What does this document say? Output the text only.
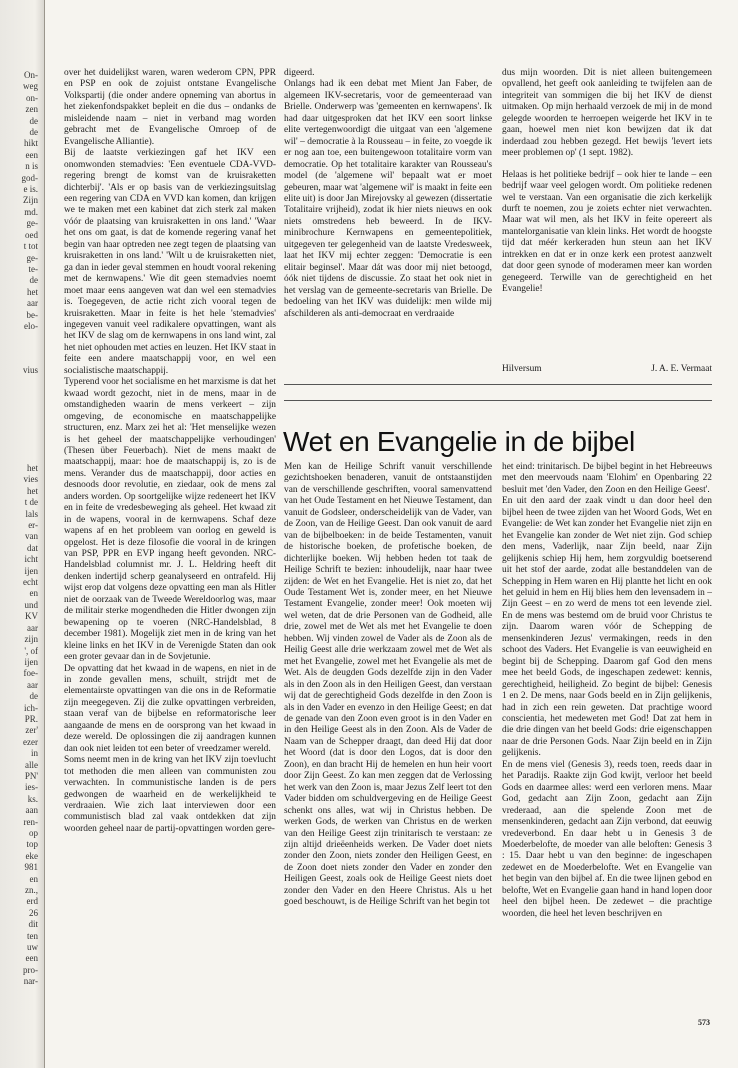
On-
weg
on-
zen
de
de
hikt
een
n is
god-
e is.
Zijn
md.
ge-
oed
t tot
ge-
te-
de
het
aar
be-
elo-
vius
het
vies
het
t de
lals
er-
van
dat
icht
ijen
echt
en
und
KV
aar
zijn
', of
ijen
foe-
aar
de
ich-
PR.
zer'
ezer
in
alle
PN'
ies-
ks.
aan
ren-
op
top
eke
981
en
zn.,
erd
26
dit
ten
uw
een
pro-
nar-

over het duidelijkst waren, waren wederom CPN, PPR en PSP en ook de zojuist ontstane Evangelische Volkspartij (die onder andere opneming van abortus in het ziekenfondspakket bepleit en die dus – ondanks de misleidende naam – niet in verband mag worden gebracht met de Evangelische Omroep of de Evangelische Alliantie).

Bij de laatste verkiezingen gaf het IKV een onomwonden stemadvies: 'Een eventuele CDA-VVD-regering brengt de komst van de kruisraketten dichterbij'. 'Als er op basis van de verkiezingsuitslag een regering van CDA en VVD kan komen, dan krijgen we te maken met een kabinet dat zich sterk zal maken vóór de plaatsing van kruisraketten in ons land.' 'Waar het ons om gaat, is dat de komende regering vanaf het begin van haar optreden nee zegt tegen de plaatsing van kruisraketten in ons land.' 'Wilt u de kruisraketten niet, ga dan in ieder geval stemmen en houdt vooral rekening met de kernwapens.' Wie dit geen stemadvies noemt moet maar eens aangeven wat dan wel een stemadvies is. Toegegeven, de actie richt zich vooral tegen de kruisraketten. Maar in feite is het hele 'stemadvies' ingegeven vanuit veel radikalere opvattingen, want als het IKV de slag om de kernwapens in ons land wint, zal het niet ophouden met acties en leuzen. Het IKV staat in feite een andere maatschappij voor, en wel een socialistische maatschappij.

Typerend voor het socialisme en het marxisme is dat het kwaad wordt gezocht, niet in de mens, maar in de omstandigheden waarin de mens verkeert – zijn omgeving, de economische en maatschappelijke structuren, enz. Marx zei het al: 'Het menselijke wezen is het geheel der maatschappelijke verhoudingen' (Thesen über Feuerbach). Niet de mens maakt de maatschappij, maar: hoe de maatschappij is, zo is de mens. Verander dus de maatschappij, door acties en desnoods door revolutie, en ziedaar, ook de mens zal anders worden. Op soortgelijke wijze redeneert het IKV en in feite de vredesbeweging als geheel. Het kwaad zit in de wapens, vooral in de kernwapens. Schaf deze wapens af en het probleem van oorlog en geweld is opgelost. Het is deze filosofie die vooral in de kringen van PSP, PPR en EVP ingang heeft gevonden. NRC-Handelsblad columnist mr. J. L. Heldring heeft dit denken indertijd scherp geanalyseerd en ontrafeld. Hij wijst erop dat volgens deze opvatting een man als Hitler niet de oorzaak van de Tweede Wereldoorlog was, maar de militair sterke mogendheden die Hitler dwongen zijn bewapening op te voeren (NRC-Handelsblad, 8 december 1981). Mogelijk ziet men in de kring van het kleine links en het IKV in de Verenigde Staten dan ook een groter gevaar dan in de Sovjetunie.

De opvatting dat het kwaad in de wapens, en niet in de in zonde gevallen mens, schuilt, strijdt met de elementairste opvattingen van die ons in de Reformatie zijn meegegeven. Zij die zulke opvattingen verbreiden, staan veraf van de bijbelse en reformatorische leer aangaande de mens en de oorsprong van het kwaad in deze wereld. De oplossingen die zij aandragen kunnen dan ook niet leiden tot een beter of vreedzamer wereld.

Soms neemt men in de kring van het IKV zijn toevlucht tot methoden die men alleen van communisten zou verwachten. In communistische landen is de pers gedwongen de waarheid en de werkelijkheid te verdraaien. Wie zich laat interviewen door een communistisch blad zal vaak ontdekken dat zijn woorden geheel naar de partij-opvattingen worden gere-

digeerd.

Onlangs had ik een debat met Mient Jan Faber, de algemeen IKV-secretaris, voor de gemeenteraad van Brielle. Onderwerp was 'gemeenten en kernwapens'. Ik had daar uitgesproken dat het IKV een soort linkse elite vertegenwoordigt die uitgaat van een 'algemene wil' – democratie à la Rousseau – in feite, zo voegde ik er nog aan toe, een buitengewoon totalitaire vorm van democratie. Op het totalitaire karakter van Rousseau's model (de 'algemene wil' bepaalt wat er moet gebeuren, maar wat 'algemene wil' is maakt in feite een elite uit) is door Jan Mirejovsky al gewezen (dissertatie Totalitaire vrijheid), zodat ik hier niets nieuws en ook niets omstredens heb beweerd. In de IKV-minibrochure Kernwapens en gemeentepolitiek, uitgegeven ter gelegenheid van de laatste Vredesweek, laat het IKV mij echter zeggen: 'Democratie is een elitair beginsel'. Maar dát was door mij niet betoogd, óók niet tijdens de discussie. Zo staat het ook niet in het verslag van de gemeente-secretaris van Brielle. De bedoeling van het IKV was duidelijk: men wilde mij afschilderen als anti-democraat en verdraaide

dus mijn woorden. Dit is niet alleen buitengemeen opvallend, het geeft ook aanleiding te twijfelen aan de integriteit van sommigen die bij het IKV de dienst uitmaken. Op mijn herhaald verzoek de mij in de mond gelegde woorden te herroepen weigerde het IKV in te gaan, hoewel men niet kon bewijzen dat ik dat inderdaad zou hebben gezegd. Het bewijs 'levert iets meer problemen op' (1 sept. 1982).

Helaas is het politieke bedrijf – ook hier te lande – een bedrijf waar veel gelogen wordt. Om politieke redenen wel te verstaan. Van een organisatie die zich kerkelijk durft te noemen, zou je zoiets echter niet verwachten. Maar wat wil men, als het IKV in feite opereert als mantelorganisatie van klein links. Het wordt de hoogste tijd dat méér kerkeraden hun steun aan het IKV intrekken en dat er in onze kerk een protest aanzwelt dat door geen synode of moderamen meer kan worden genegeerd. Terwille van de gerechtigheid en het Evangelie!

Hilversum	J. A. E. Vermaat
Wet en Evangelie in de bijbel

Men kan de Heilige Schrift vanuit verschillende gezichtshoeken benaderen, vanuit de ontstaanstijden van de verschillende geschriften, vooral samenvattend van het Oude Testament en het Nieuwe Testament, dan vanuit de Godsleer, onderscheidelijk van de Vader, van de Zoon, van de Heilige Geest. Dan ook vanuit de aard van de bijbelboeken: in de beide Testamenten, vanuit de historische boeken, de profetische boeken, de dichterlijke boeken. Wij hebben heden tot taak de Heilige Schrift te bezien: inhoudelijk, naar haar twee zijden: de Wet en het Evangelie. Het is niet zo, dat het Oude Testament Wet is, zonder meer, en het Nieuwe Testament Evangelie, zonder meer! Ook moeten wij wel weten, dat de drie Personen van de Godheid, alle drie, zowel met de Wet als met het Evangelie te doen hebben. Wij vinden zowel de Vader als de Zoon als de Heilig Geest alle drie werkzaam zowel met de Wet als met het Evangelie, zowel met het Evangelie als met de Wet. Als de deugden Gods dezelfde zijn in den Vader als in den Zoon als in den Heiligen Geest, dan verstaan wij dat de gerechtigheid Gods dezelfde in den Zoon is als in den Vader en evenzo in den Heilige Geest; en dat de genade van den Zoon even groot is in den Vader en in den Heilige Geest als in den Zoon. Als de Vader de Naam van de Schepper draagt, dan deed Hij dat door het Woord (dat is door den Logos, dat is door den Zoon), en dan bracht Hij de hemelen en hun heir voort door Zijn Geest. Zo kan men zeggen dat de Verlossing het werk van den Zoon is, maar Jezus Zelf leert tot den Vader bidden om schuldvergeving en de Heilige Geest schenkt ons alles, wat wij in Christus hebben. De werken Gods, de werken van Christus en de werken van den Heilige Geest zijn trinitarisch te verstaan: ze zijn altijd drieëenheids werken. De Vader doet niets zonder den Zoon, niets zonder den Heiligen Geest, en de Zoon doet niets zonder den Vader en zonder den Heiligen Geest, zoals ook de Heilige Geest niets doet zonder den Vader en den Heere Christus. Als u het goed beschouwt, is de Heilige Schrift van het begin tot

het eind: trinitarisch. De bijbel begint in het Hebreeuws met den meervouds naam 'Elohim' en Openbaring 22 besluit met 'den Vader, den Zoon en den Heilige Geest'.

En uit den aard der zaak vindt u dan door heel den bijbel heen de twee zijden van het Woord Gods, Wet en Evangelie: de Wet kan zonder het Evangelie niet zijn en het Evangelie kan zonder de Wet niet zijn. God schiep den mens, Vaderlijk, naar Zijn beeld, naar Zijn gelijkenis schiep Hij hem, hem zorgvuldig boetserend uit het stof der aarde, zodat alle bestanddelen van de Schepping in Hem waren en Hij plantte het licht en ook het geluid in hem en Hij blies hem den levensadem in – Zijn Geest – en zo werd de mens tot een levende ziel. En de mens was bestemd om de bruid voor Christus te zijn. Daarom waren vóór de Schepping de mensenkinderen Jezus' vermakingen, reeds in den schoot des Vaders. Het Evangelie is van eeuwigheid en begint bij de Schepping. Daarom gaf God den mens mee het beeld Gods, de ingeschapen zedewet: kennis, gerechtigheid, heiligheid. Zo begint de bijbel: Genesis 1 en 2. De mens, naar Gods beeld en in Zijn gelijkenis, had in zich een rein geweten. Dat prachtige woord conscientia, het medeweten met God! Dat zat hem in die drie dingen van het beeld Gods: drie eigenschappen naar de drie Personen Gods. Naar Zijn beeld en in Zijn gelijkenis.

En de mens viel (Genesis 3), reeds toen, reeds daar in het Paradijs. Raakte zijn God kwijt, verloor het beeld Gods en daarmee alles: werd een verloren mens. Maar God, gedacht aan Zijn Zoon, gedacht aan Zijn vrederaad, aan die spelende Zoon met de mensenkinderen, gedacht aan Zijn verbond, dat eeuwig vredeverbond. En daar hebt u in Genesis 3 de Moederbelofte, de moeder van alle beloften: Genesis 3 : 15. Daar hebt u van den beginne: de ingeschapen zedewet en de Moederbelofte. Wet en Evangelie van het begin van den bijbel af. En die twee lijnen gebod en belofte, Wet en Evangelie gaan hand in hand lopen door heel den bijbel heen. De zedewet – die prachtige woorden, die heel het leven beschrijven en

573
